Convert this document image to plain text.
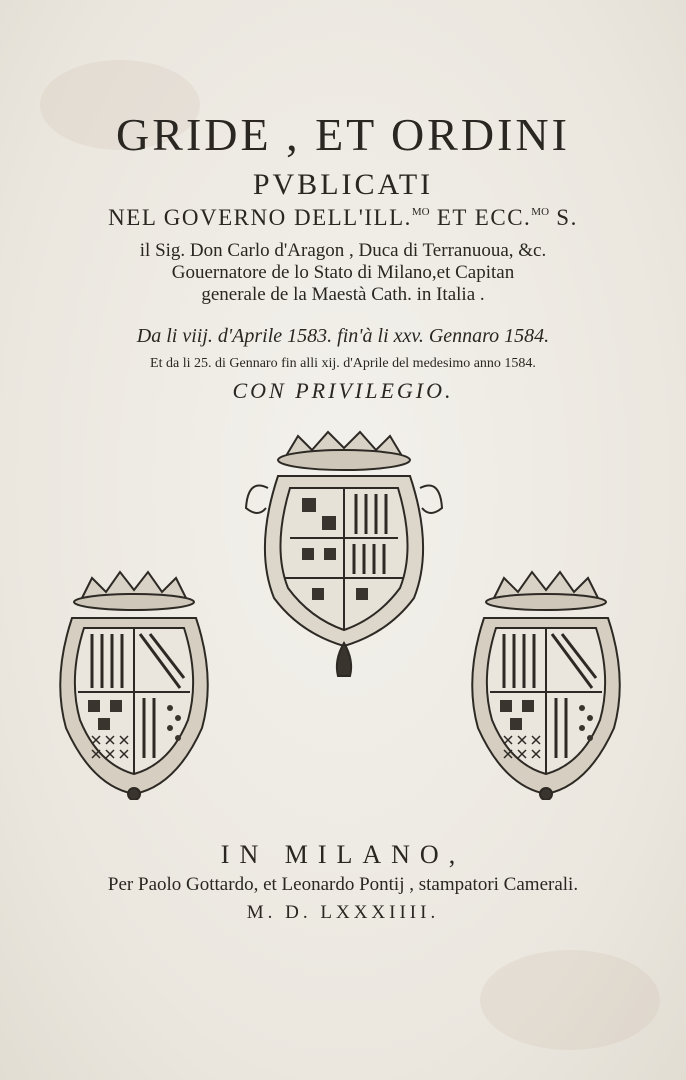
GRIDE , ET ORDINI
PVBLICATI
NEL GOVERNO DELL'ILL.$^{MO}$ ET ECC.$^{MO}$ S.
il Sig. Don Carlo d'Aragon , Duca di Terranuoua, &c.
Gouernatore de lo Stato di Milano,et Capitan
generale de la Maestà Cath. in Italia .
Da li viij. d'Aprile 1583. fin'à li xxv. Gennaro 1584.
Et da li 25. di Gennaro fin alli xij. d'Aprile del medesimo anno 1584.
CON PRIVILEGIO.
IN MILANO,
Per Paolo Gottardo, et Leonardo Pontij , stampatori Camerali.
M. D. LXXXIIII.
